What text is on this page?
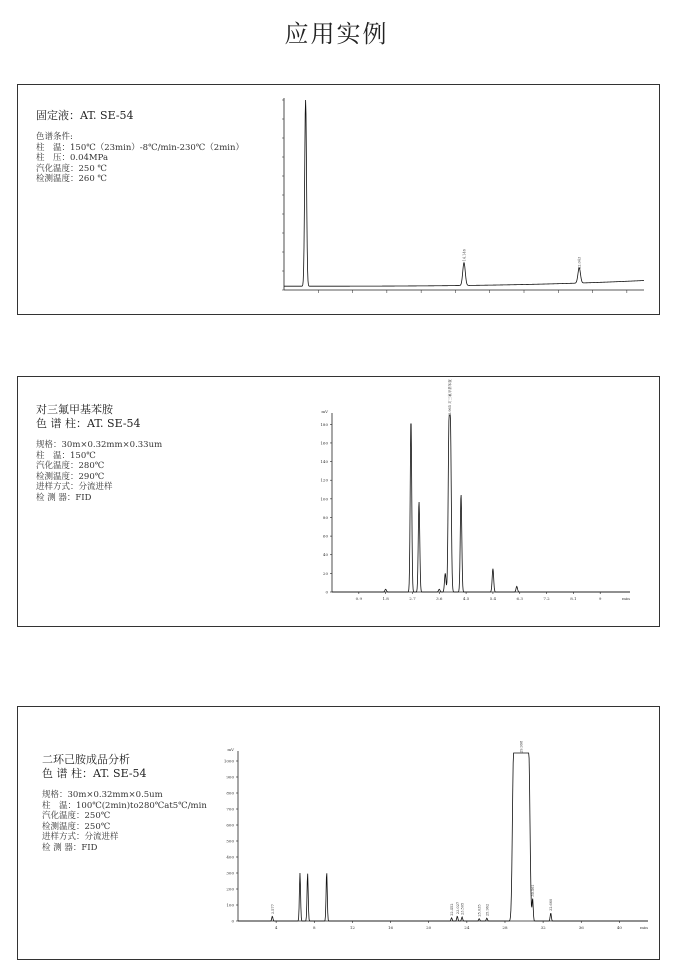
应用实例
固定液：AT. SE-54
色谱条件:
柱　温：150℃（23min）-8℃/min-230℃（2min）
柱　压：0.04MPa
汽化温度：250 ℃
检测温度：260 ℃
14.146
22.043
对三氟甲基苯胺
色 谱 柱：AT. SE-54
规格：30m×0.32mm×0.33um
柱　温：150℃
汽化温度：280℃
检测温度：290℃
进样方式：分流进样
检 测 器：FID
0
20
40
60
80
100
120
140
160
180
mV
0.9	1.8	2.7	3.6	4.5	5.4	6.3	7.2	8.1	9	min
3.965 对三氟甲基苯胺
二环己胺成品分析
色 谱 柱：AT. SE-54
规格：30m×0.32mm×0.5um
柱　温：100℃(2min)to280℃at5℃/min
汽化温度：250℃
检测温度：250℃
进样方式：分流进样
检 测 器：FID
0
100
200
300
400
500
600
700
800
900
1000
mV
4	8	12	16	20	24	28	32	36	40	min
3.577	22.452 23.027 23.505	25.035 25.962
29.998
30.561
32.660
